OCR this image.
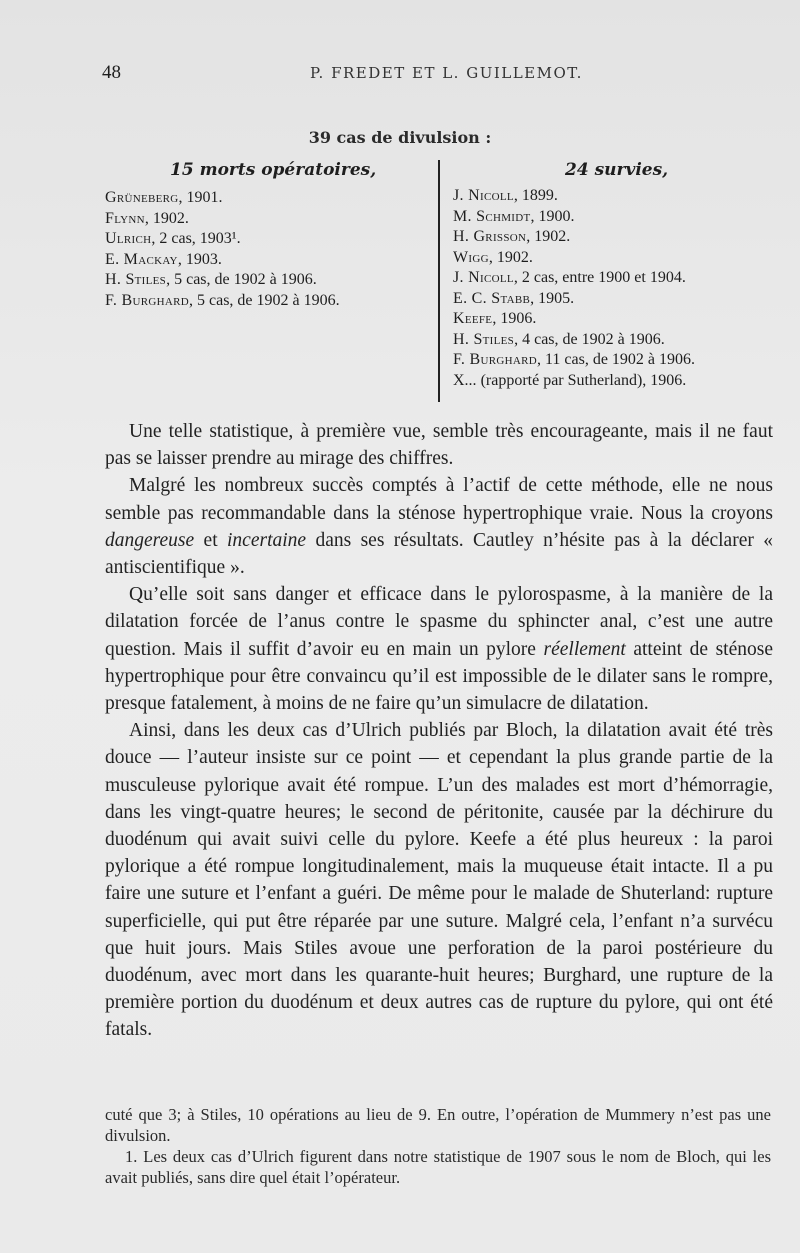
48	P. FREDET ET L. GUILLEMOT.
39 cas de divulsion :
15 morts opératoires,	24 survies,
Grüneberg, 1901.
Flynn, 1902.
Ulrich, 2 cas, 1903¹.
E. Mackay, 1903.
H. Stiles, 5 cas, de 1902 à 1906.
F. Burghard, 5 cas, de 1902 à 1906.
J. Nicoll, 1899.
M. Schmidt, 1900.
H. Grisson, 1902.
Wigg, 1902.
J. Nicoll, 2 cas, entre 1900 et 1904.
E. C. Stabb, 1905.
Keefe, 1906.
H. Stiles, 4 cas, de 1902 à 1906.
F. Burghard, 11 cas, de 1902 à 1906.
X... (rapporté par Sutherland), 1906.

Une telle statistique, à première vue, semble très encourageante, mais il ne faut pas se laisser prendre au mirage des chiffres.

Malgré les nombreux succès comptés à l’actif de cette méthode, elle ne nous semble pas recommandable dans la sténose hypertrophique vraie. Nous la croyons dangereuse et incertaine dans ses résultats. Cautley n’hésite pas à la déclarer « antiscientifique ».

Qu’elle soit sans danger et efficace dans le pylorospasme, à la manière de la dilatation forcée de l’anus contre le spasme du sphincter anal, c’est une autre question. Mais il suffit d’avoir eu en main un pylore réellement atteint de sténose hypertrophique pour être convaincu qu’il est impossible de le dilater sans le rompre, presque fatalement, à moins de ne faire qu’un simulacre de dilatation.

Ainsi, dans les deux cas d’Ulrich publiés par Bloch, la dilatation avait été très douce — l’auteur insiste sur ce point — et cependant la plus grande partie de la musculeuse pylorique avait été rompue. L’un des malades est mort d’hémorragie, dans les vingt-quatre heures; le second de péritonite, causée par la déchirure du duodénum qui avait suivi celle du pylore. Keefe a été plus heureux : la paroi pylorique a été rompue longitudinalement, mais la muqueuse était intacte. Il a pu faire une suture et l’enfant a guéri. De même pour le malade de Shuterland: rupture superficielle, qui put être réparée par une suture. Malgré cela, l’enfant n’a survécu que huit jours. Mais Stiles avoue une perforation de la paroi postérieure du duodénum, avec mort dans les quarante-huit heures; Burghard, une rupture de la première portion du duodénum et deux autres cas de rupture du pylore, qui ont été fatals.

cuté que 3; à Stiles, 10 opérations au lieu de 9. En outre, l’opération de Mummery n’est pas une divulsion.

1. Les deux cas d’Ulrich figurent dans notre statistique de 1907 sous le nom de Bloch, qui les avait publiés, sans dire quel était l’opérateur.
